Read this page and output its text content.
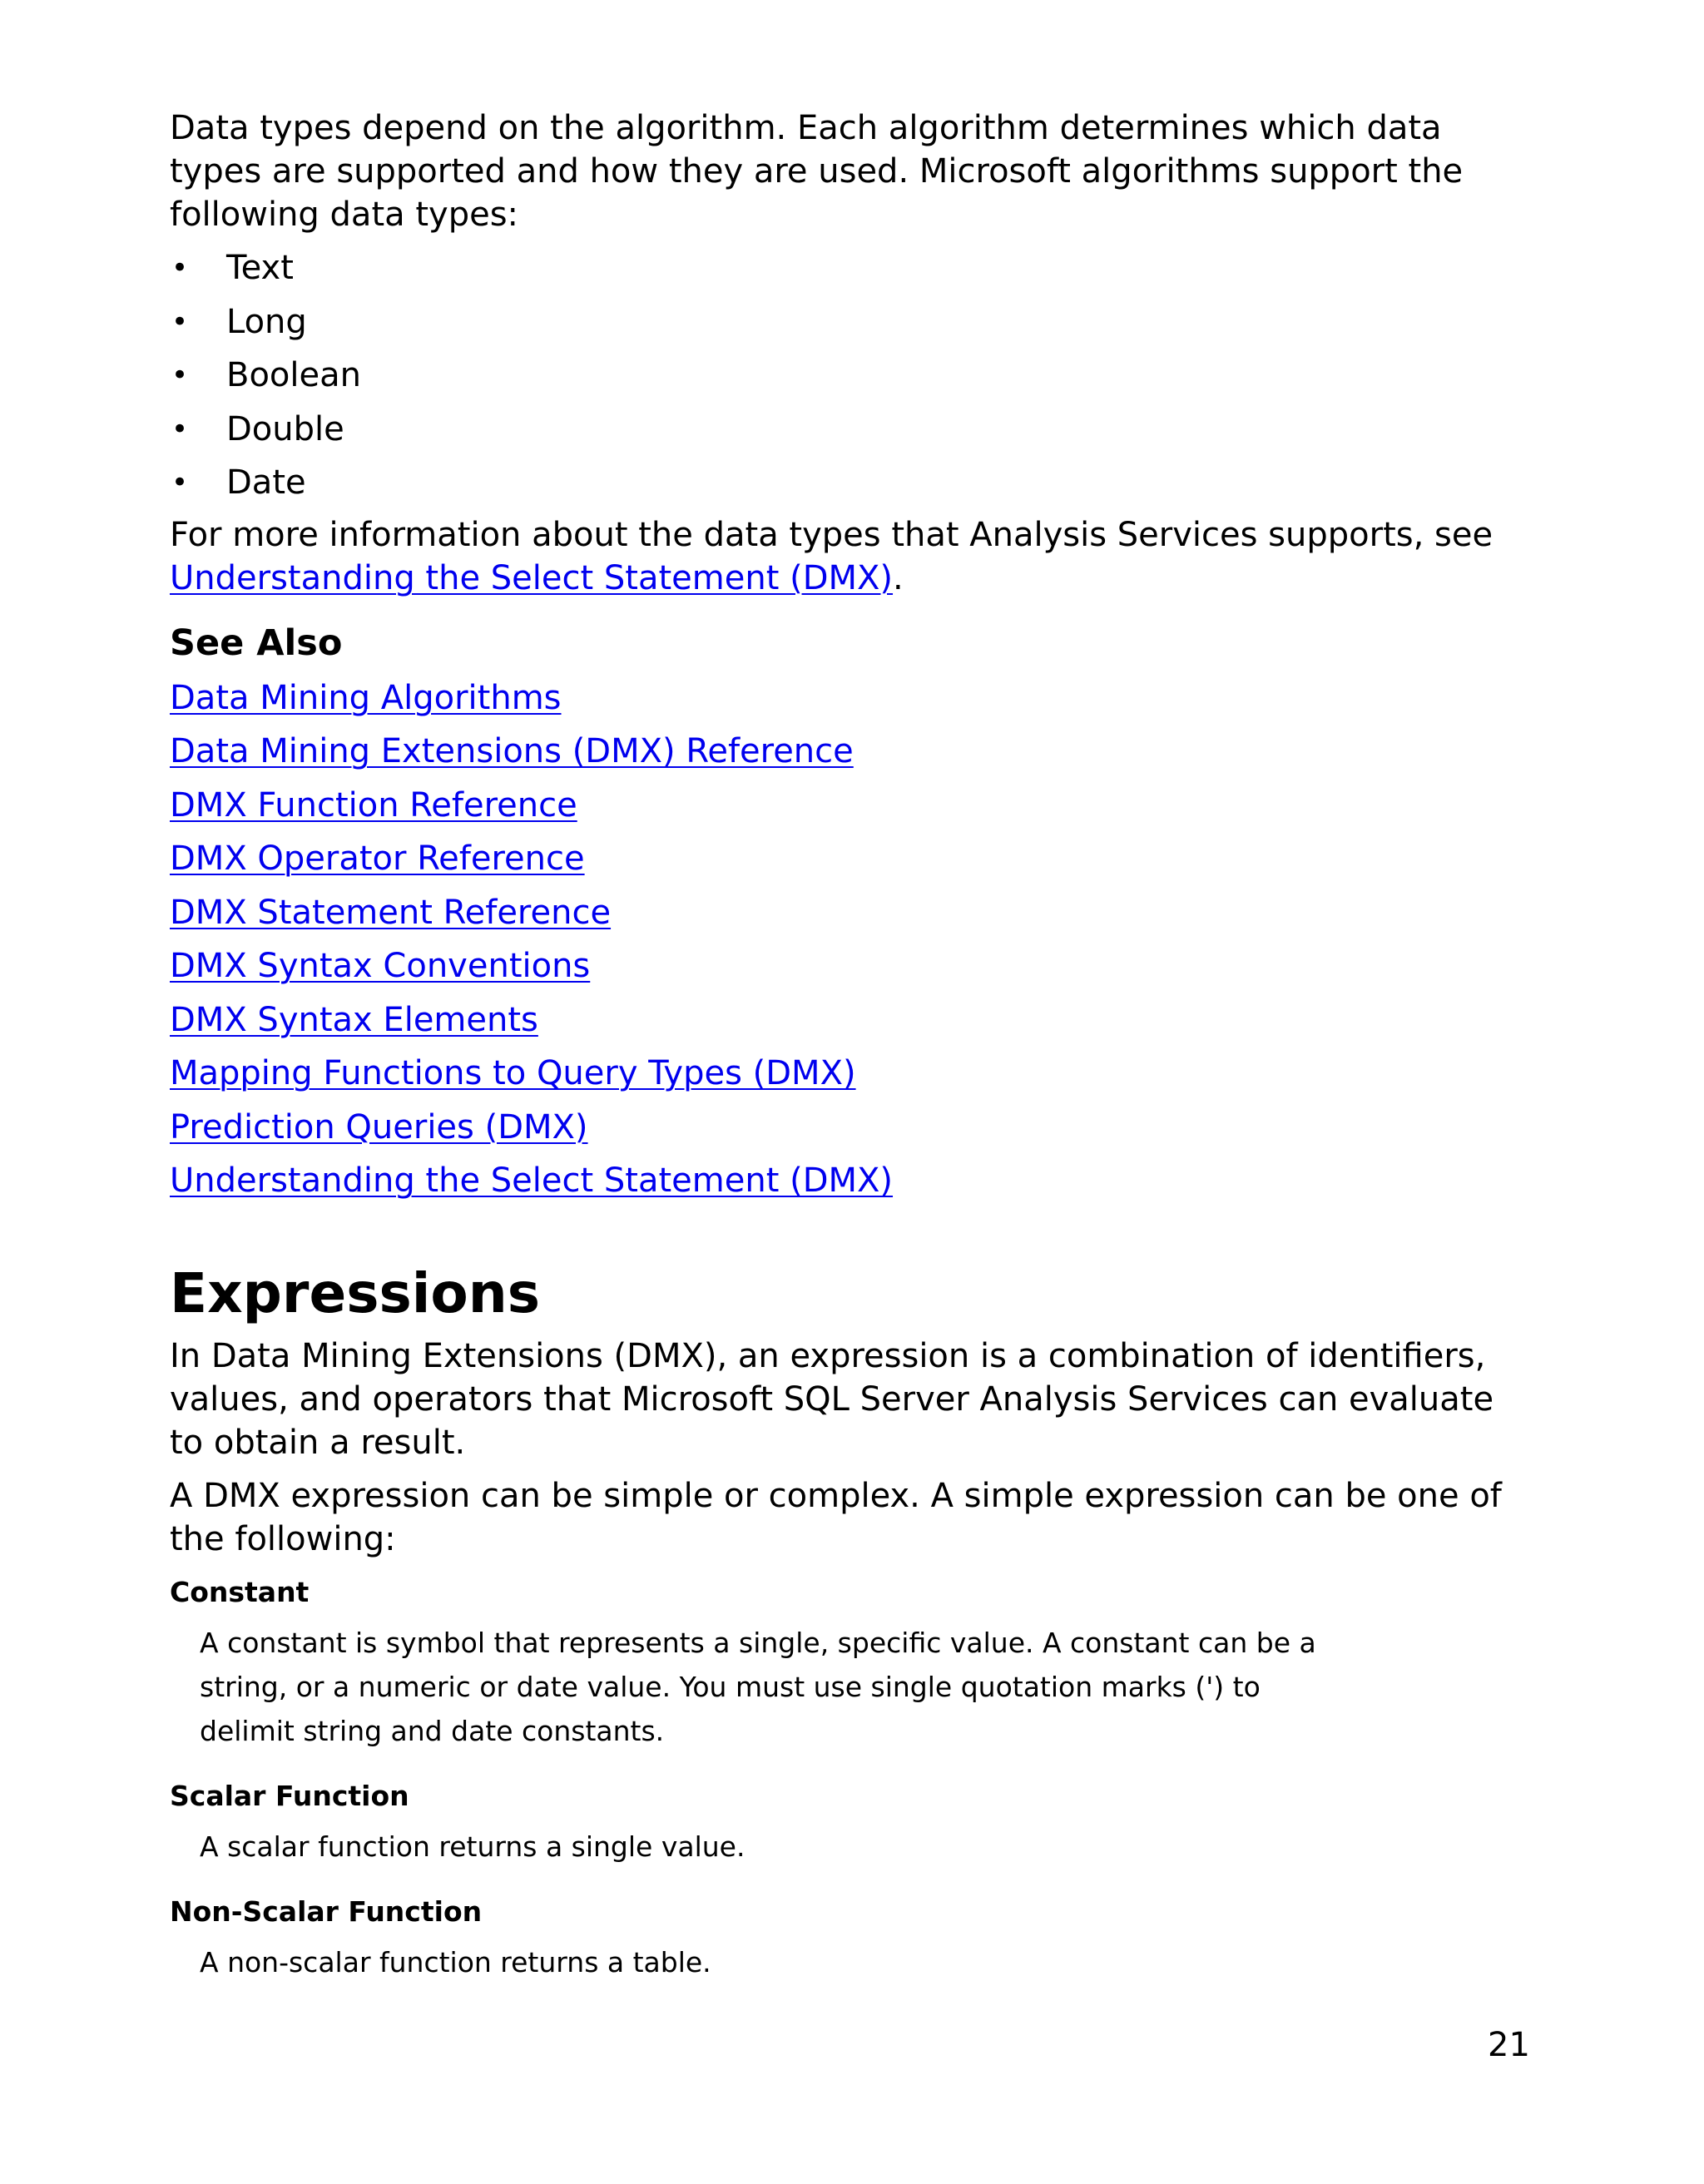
Data types depend on the algorithm. Each algorithm determines which data types are supported and how they are used. Microsoft algorithms support the following data types:

• Text
• Long
• Boolean
• Double
• Date

For more information about the data types that Analysis Services supports, see Understanding the Select Statement (DMX).

See Also
Data Mining Algorithms
Data Mining Extensions (DMX) Reference
DMX Function Reference
DMX Operator Reference
DMX Statement Reference
DMX Syntax Conventions
DMX Syntax Elements
Mapping Functions to Query Types (DMX)
Prediction Queries (DMX)
Understanding the Select Statement (DMX)
Expressions

In Data Mining Extensions (DMX), an expression is a combination of identifiers, values, and operators that Microsoft SQL Server Analysis Services can evaluate to obtain a result.

A DMX expression can be simple or complex. A simple expression can be one of the following:

Constant
A constant is symbol that represents a single, specific value. A constant can be a string, or a numeric or date value. You must use single quotation marks (') to delimit string and date constants.
Scalar Function
A scalar function returns a single value.
Non-Scalar Function
A non-scalar function returns a table.
21
